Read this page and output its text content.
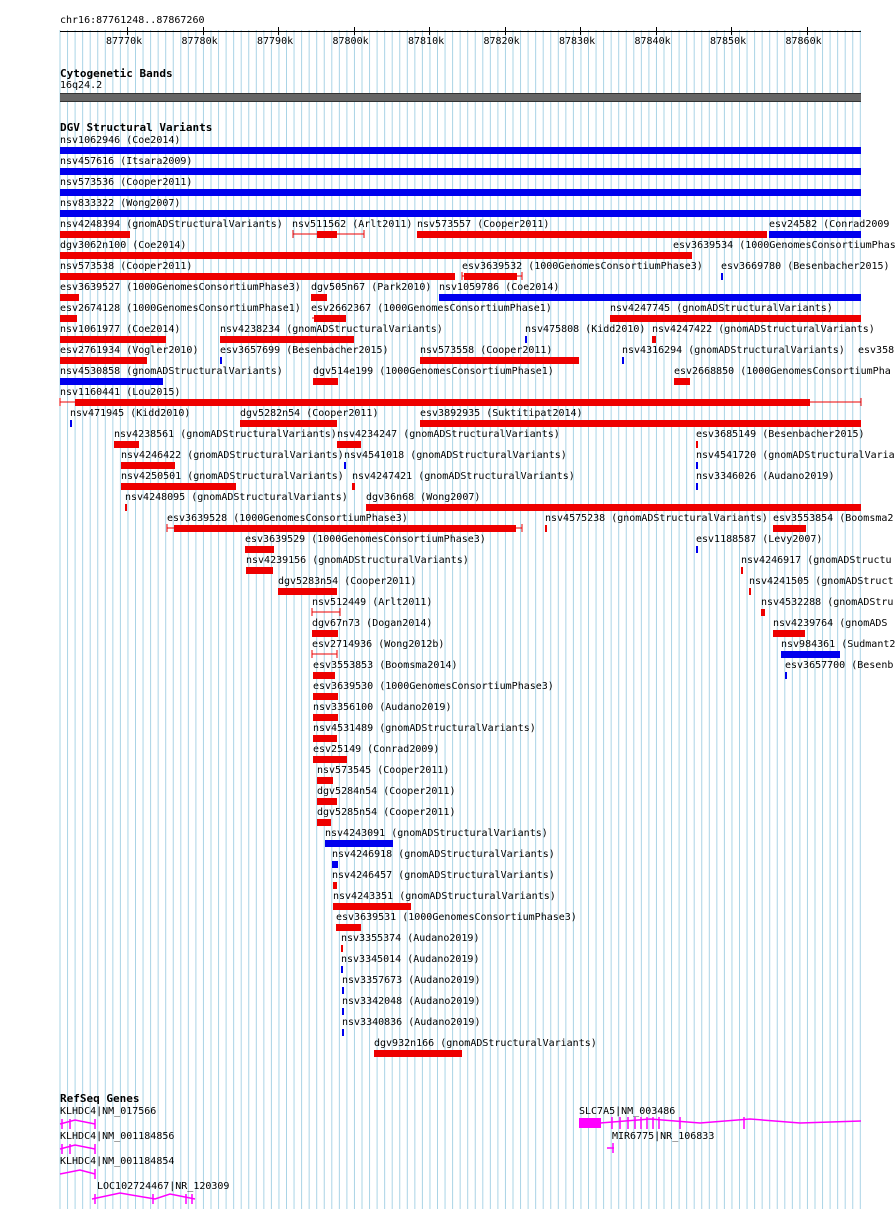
chr16:87761248..87867260
87770k	87780k	87790k	87800k	87810k	87820k	87830k	87840k	87850k	87860k
Cytogenetic Bands
16q24.2
DGV Structural Variants
nsv1062946 (Coe2014)
nsv457616 (Itsara2009)
nsv573536 (Cooper2011)
nsv833322 (Wong2007)
nsv4248394 (gnomADStructuralVariants) nsv511562 (Arlt2011) nsv573557 (Cooper2011)	esv24582 (Conrad2009
dgv3062n100 (Coe2014)	esv3639534 (1000GenomesConsortiumPhas
nsv573538 (Cooper2011)	esv3639532 (1000GenomesConsortiumPhase3) esv3669780 (Besenbacher2015)
esv3639527 (1000GenomesConsortiumPhase3) dgv505n67 (Park2010) nsv1059786 (Coe2014)
esv2674128 (1000GenomesConsortiumPhase1) esv2662367 (1000GenomesConsortiumPhase1)	nsv4247745 (gnomADStructuralVariants)
nsv1061977 (Coe2014)	nsv4238234 (gnomADStructuralVariants)	nsv475808 (Kidd2010) nsv4247422 (gnomADStructuralVariants)
esv2761934 (Vogler2010) esv3657699 (Besenbacher2015)	nsv573558 (Cooper2011)	nsv4316294 (gnomADStructuralVariants) esv358
nsv4530858 (gnomADStructuralVariants)	dgv514e199 (1000GenomesConsortiumPhase1)	esv2668850 (1000GenomesConsortiumPha
nsv1160441 (Lou2015)
nsv471945 (Kidd2010)	dgv5282n54 (Cooper2011)	esv3892935 (Suktitipat2014)
nsv4238561 (gnomADStructuralVariants) nsv4234247 (gnomADStructuralVariants)	esv3685149 (Besenbacher2015)
nsv4246422 (gnomADStructuralVariants) nsv4541018 (gnomADStructuralVariants)	nsv4541720 (gnomADStructuralVaria
nsv4250501 (gnomADStructuralVariants) nsv4247421 (gnomADStructuralVariants)	nsv3346026 (Audano2019)
nsv4248095 (gnomADStructuralVariants) dgv36n68 (Wong2007)
esv3639528 (1000GenomesConsortiumPhase3)	nsv4575238 (gnomADStructuralVariants) esv3553854 (Boomsma2
esv3639529 (1000GenomesConsortiumPhase3)	esv1188587 (Levy2007)
nsv4239156 (gnomADStructuralVariants)	nsv4246917 (gnomADStructu
dgv5283n54 (Cooper2011)	nsv4241505 (gnomADStruct
nsv512449 (Arlt2011)	nsv4532288 (gnomADStru
dgv67n73 (Dogan2014)	nsv4239764 (gnomADS
esv2714936 (Wong2012b)	nsv984361 (Sudmant2
esv3553853 (Boomsma2014)	esv3657700 (Besenb
esv3639530 (1000GenomesConsortiumPhase3)
nsv3356100 (Audano2019)
nsv4531489 (gnomADStructuralVariants)
esv25149 (Conrad2009)
nsv573545 (Cooper2011)
dgv5284n54 (Cooper2011)
dgv5285n54 (Cooper2011)
nsv4243091 (gnomADStructuralVariants)
nsv4246918 (gnomADStructuralVariants)
nsv4246457 (gnomADStructuralVariants)
nsv4243351 (gnomADStructuralVariants)
esv3639531 (1000GenomesConsortiumPhase3)
nsv3355374 (Audano2019)
nsv3345014 (Audano2019)
nsv3357673 (Audano2019)
nsv3342048 (Audano2019)
nsv3340836 (Audano2019)
dgv932n166 (gnomADStructuralVariants)
RefSeq Genes
KLHDC4|NM_017566
KLHDC4|NM_001184856
KLHDC4|NM_001184854
LOC102724467|NR_120309
SLC7A5|NM_003486
MIR6775|NR_106833
